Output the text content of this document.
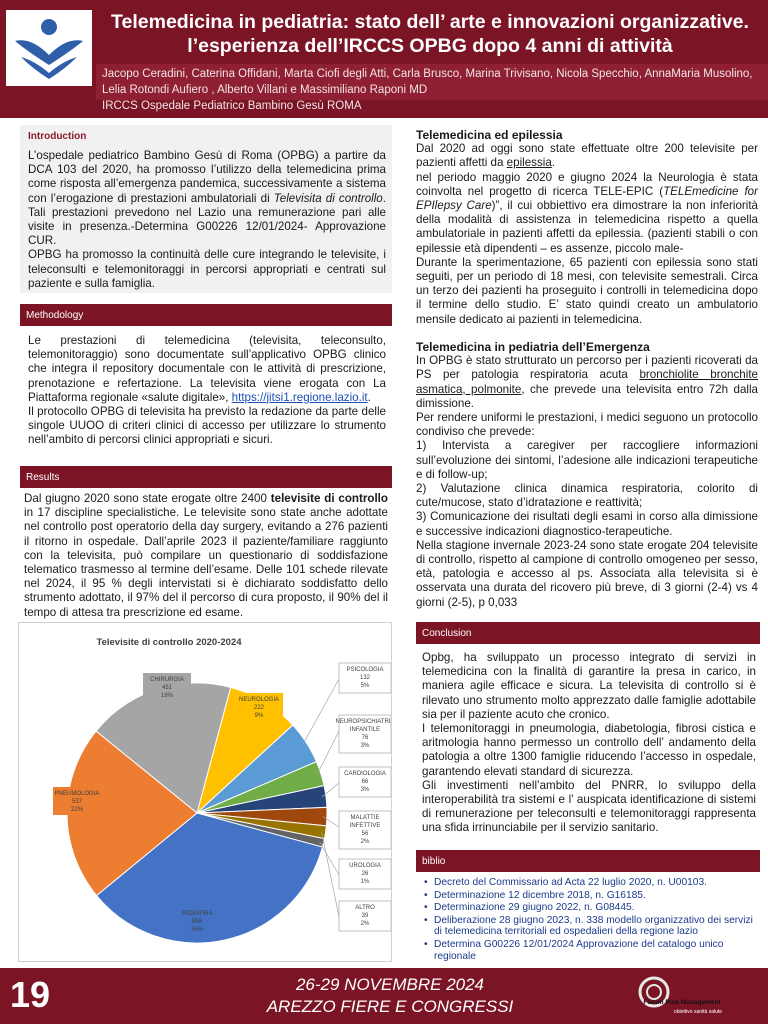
Telemedicina in pediatria: stato dell’ arte e innovazioni organizzative.
l’esperienza dell’IRCCS OPBG dopo 4 anni di attività
Jacopo Ceradini, Caterina Offidani, Marta Ciofi degli Atti, Carla Brusco, Marina Trivisano, Nicola Specchio, AnnaMaria Musolino, Lelia Rotondi Aufiero , Alberto Villani e Massimiliano Raponi MD
IRCCS Ospedale Pediatrico Bambino Gesù ROMA
Introduction

L’ospedale pediatrico Bambino Gesù di Roma (OPBG) a partire da DCA 103 del 2020, ha promosso l’utilizzo della telemedicina prima come risposta all’emergenza pandemica, successivamente a sistema con l’erogazione di prestazioni ambulatoriali di Televisita di controllo. Tali prestazioni prevedono nel Lazio una remunerazione pari alle visite in presenza.-Determina G00226 12/01/2024- Approvazione CUR.

OPBG ha promosso la continuità delle cure integrando le televisite, i teleconsulti e telemonitoraggi in percorsi appropriati e centrati sul paziente e sulla famiglia.

Methodology

Le prestazioni di telemedicina (televisita, teleconsulto, telemonitoraggio) sono documentate sull’applicativo OPBG clinico che integra il repository documentale con le attività di prescrizione, prenotazione e refertazione. La televisita viene erogata con La Piattaforma regionale «salute digitale», https://jitsi1.regione.lazio.it.

Il protocollo OPBG di televisita ha previsto la redazione da parte delle singole UUOO di criteri clinici di accesso per utilizzare lo strumento nell’ambito di percorsi clinici appropriati e sicuri.

Results

Dal giugno 2020 sono state erogate oltre 2400 televisite di controllo in 17 discipline specialistiche. Le televisite sono state anche adottate nel controllo post operatorio della day surgery, evitando a 276 pazienti il ritorno in ospedale. Dall’aprile 2023 il paziente/familiare raggiunto con la televisita, può compilare un questionario di soddisfazione telematico trasmesso al termine dell’esame. Delle 101 schede rilevate nel 2024, il 95 % degli intervistati si è dichiarato soddisfatto dello strumento adottato, il 97% del il percorso di cura proposto, il 90% del il tempo di attesa tra prescrizione ed esame.

Televisite di controllo 2020-2024
PEDIATRIA
858
35%
PNEUMOLOGIA
537
22%
CHIRURGIA
451
18%
NEUROLOGIA
222
9%
PSICOLOGIA
132
5%
NEUROPSICHIATRIA
INFANTILE
76
3%
CARDIOLOGIA
66
3%
MALATTIE
INFETTIVE
56
2%
UROLOGIA
26
1%
ALTRO
39
2%

Telemedicina ed epilessia

Dal 2020 ad oggi sono state effettuate oltre 200 televisite per pazienti affetti da epilessia.

nel periodo maggio 2020 e giugno 2024 la Neurologia è stata coinvolta nel progetto di ricerca TELE-EPIC (TELEmedicine for EPIlepsy Care)”, il cui obbiettivo era dimostrare la non inferiorità della modalità di assistenza in telemedicina rispetto a quella ambulatoriale in pazienti affetti da epilessia. (pazienti stabili o con epilessie età dipendenti – es assenze, piccolo male-

Durante la sperimentazione, 65 pazienti con epilessia sono stati seguiti, per un periodo di 18 mesi, con televisite semestrali. Circa un terzo dei pazienti ha proseguito i controlli in telemedicina dopo il termine dello studio. E’ stato quindi creato un ambulatorio mensile dedicato ai pazienti in telemedicina.

Telemedicina in pediatria dell’Emergenza

In OPBG è stato strutturato un percorso per i pazienti ricoverati da PS per patologia respiratoria acuta bronchiolite bronchite asmatica, polmonite, che prevede una televisita entro 72h dalla dimissione.

Per rendere uniformi le prestazioni, i medici seguono un protocollo condiviso che prevede:

1) Intervista a caregiver per raccogliere informazioni sull’evoluzione dei sintomi, l’adesione alle indicazioni terapeutiche e di follow-up;

2) Valutazione clinica dinamica respiratoria, colorito di cute/mucose, stato d’idratazione e reattività;

3) Comunicazione dei risultati degli esami in corso alla dimissione e successive indicazioni diagnostico-terapeutiche.

Nella stagione invernale 2023-24 sono state erogate 204 televisite di controllo, rispetto al campione di controllo omogeneo per sesso, età, patologia e accesso al ps. Associata alla televisita si è osservata una durata del ricovero più breve, di 3 giorni (2-4) vs 4 giorni (2-5), p 0,033

Conclusion

Opbg, ha sviluppato un processo integrato di servizi in telemedicina con la finalità di garantire la presa in carico, in maniera agile efficace e sicura. La televisita di controllo si è rilevato uno strumento molto apprezzato dalle famiglie adottabile sia per il paziente acuto che cronico.

I telemonitoraggi in pneumologia, diabetologia, fibrosi cistica e aritmologia hanno permesso un controllo dell’ andamento della patologia a oltre 1300 famiglie riducendo l’accesso in ospedale, garantendo elevati standard di sicurezza.

Gli investimenti nell’ambito del PNRR, lo sviluppo della interoperabilità tra sistemi e l’ auspicata identificazione di sistemi di remunerazione per teleconsulti e telemonitoraggi rappresenta una sfida irrinunciabile per il servizio sanitario.

biblio
• Decreto del Commissario ad Acta 22 luglio 2020, n. U00103.
• Determinazione 12 dicembre 2018, n. G16185.
• Determinazione 29 giugno 2022, n. G08445.
• Deliberazione 28 giugno 2023, n. 338 modello organizzativo dei servizi di telemedicina territoriali ed ospedalieri della regione lazio
• Determina G00226 12/01/2024 Approvazione del catalogo unico regionale
19	26-29 NOVEMBRE 2024
AREZZO FIERE E CONGRESSI	Forum Risk Management
obiettivo sanità salute
